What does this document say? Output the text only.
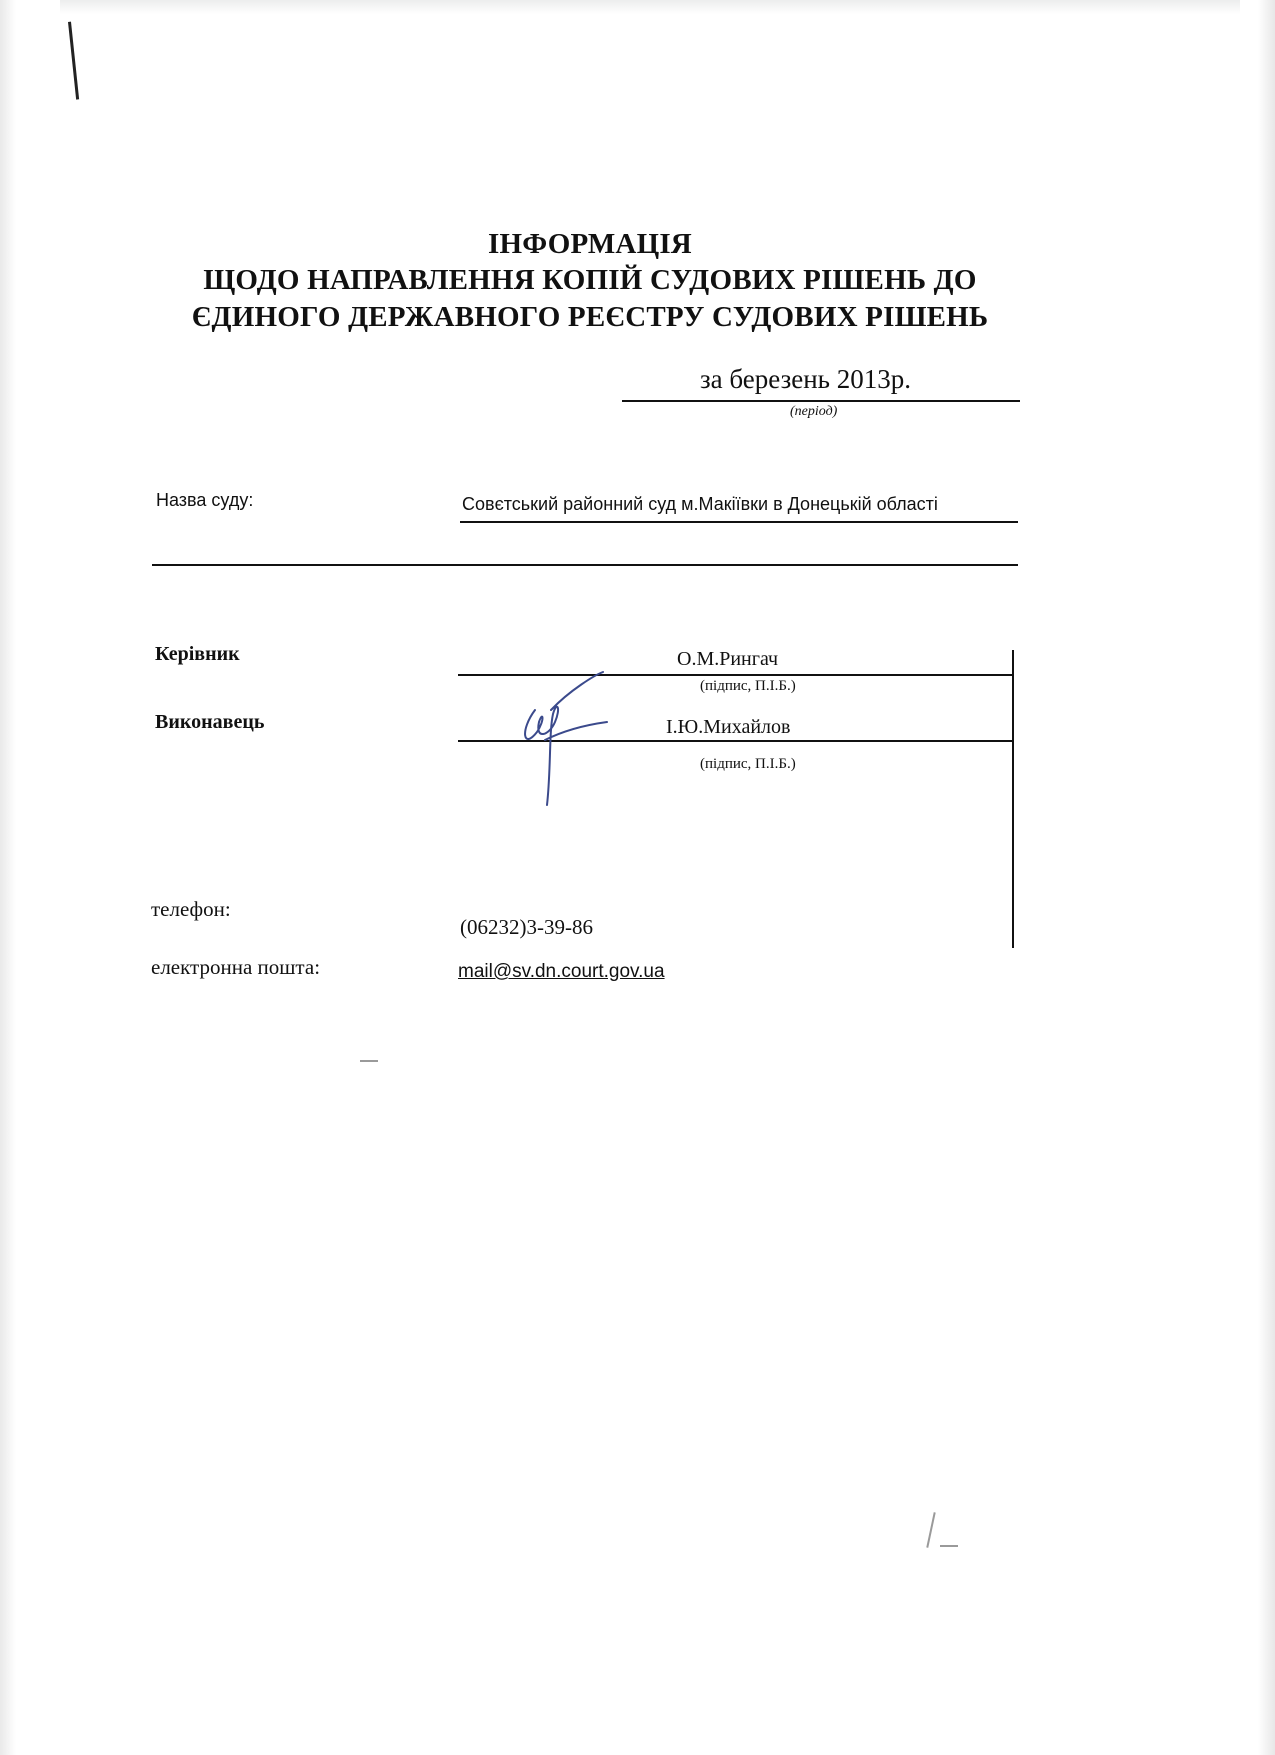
ІНФОРМАЦІЯ
ЩОДО НАПРАВЛЕННЯ КОПІЙ СУДОВИХ РІШЕНЬ ДО
ЄДИНОГО ДЕРЖАВНОГО РЕЄСТРУ СУДОВИХ РІШЕНЬ
за березень 2013р.
(період)
Назва суду:	Совєтський районний суд м.Макіївки в Донецькій області
Керівник	О.М.Рингач
(підпис, П.І.Б.)
Виконавець	І.Ю.Михайлов
(підпис, П.І.Б.)
телефон:
(06232)3-39-86
електронна пошта:	mail@sv.dn.court.gov.ua
